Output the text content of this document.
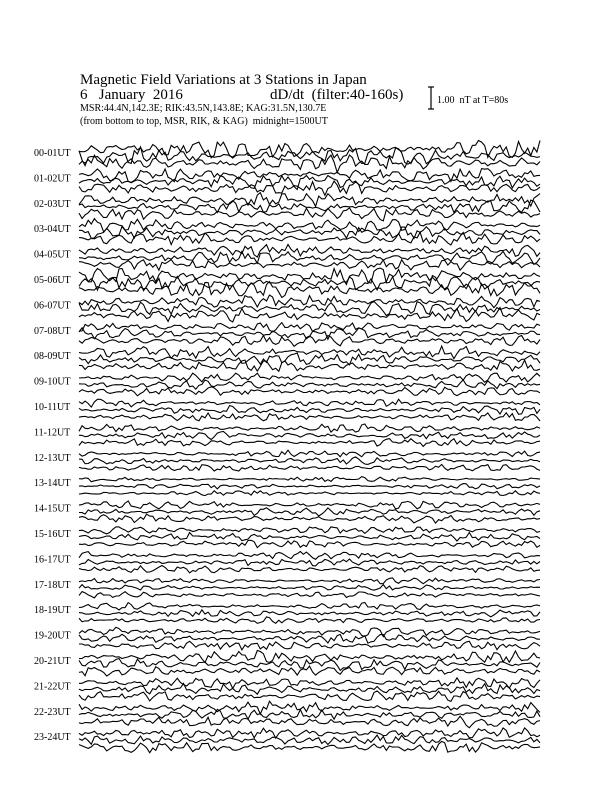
Magnetic Field Variations at 3 Stations in Japan
6   January  2016	dD/dt  (filter:40-160s)
MSR:44.4N,142.3E; RIK:43.5N,143.8E; KAG:31.5N,130.7E
(from bottom to top, MSR, RIK, & KAG)  midnight=1500UT
1.00  nT at T=80s
00-01UT
01-02UT
02-03UT
03-04UT
04-05UT
05-06UT
06-07UT
07-08UT
08-09UT
09-10UT
10-11UT
11-12UT
12-13UT
13-14UT
14-15UT
15-16UT
16-17UT
17-18UT
18-19UT
19-20UT
20-21UT
21-22UT
22-23UT
23-24UT
